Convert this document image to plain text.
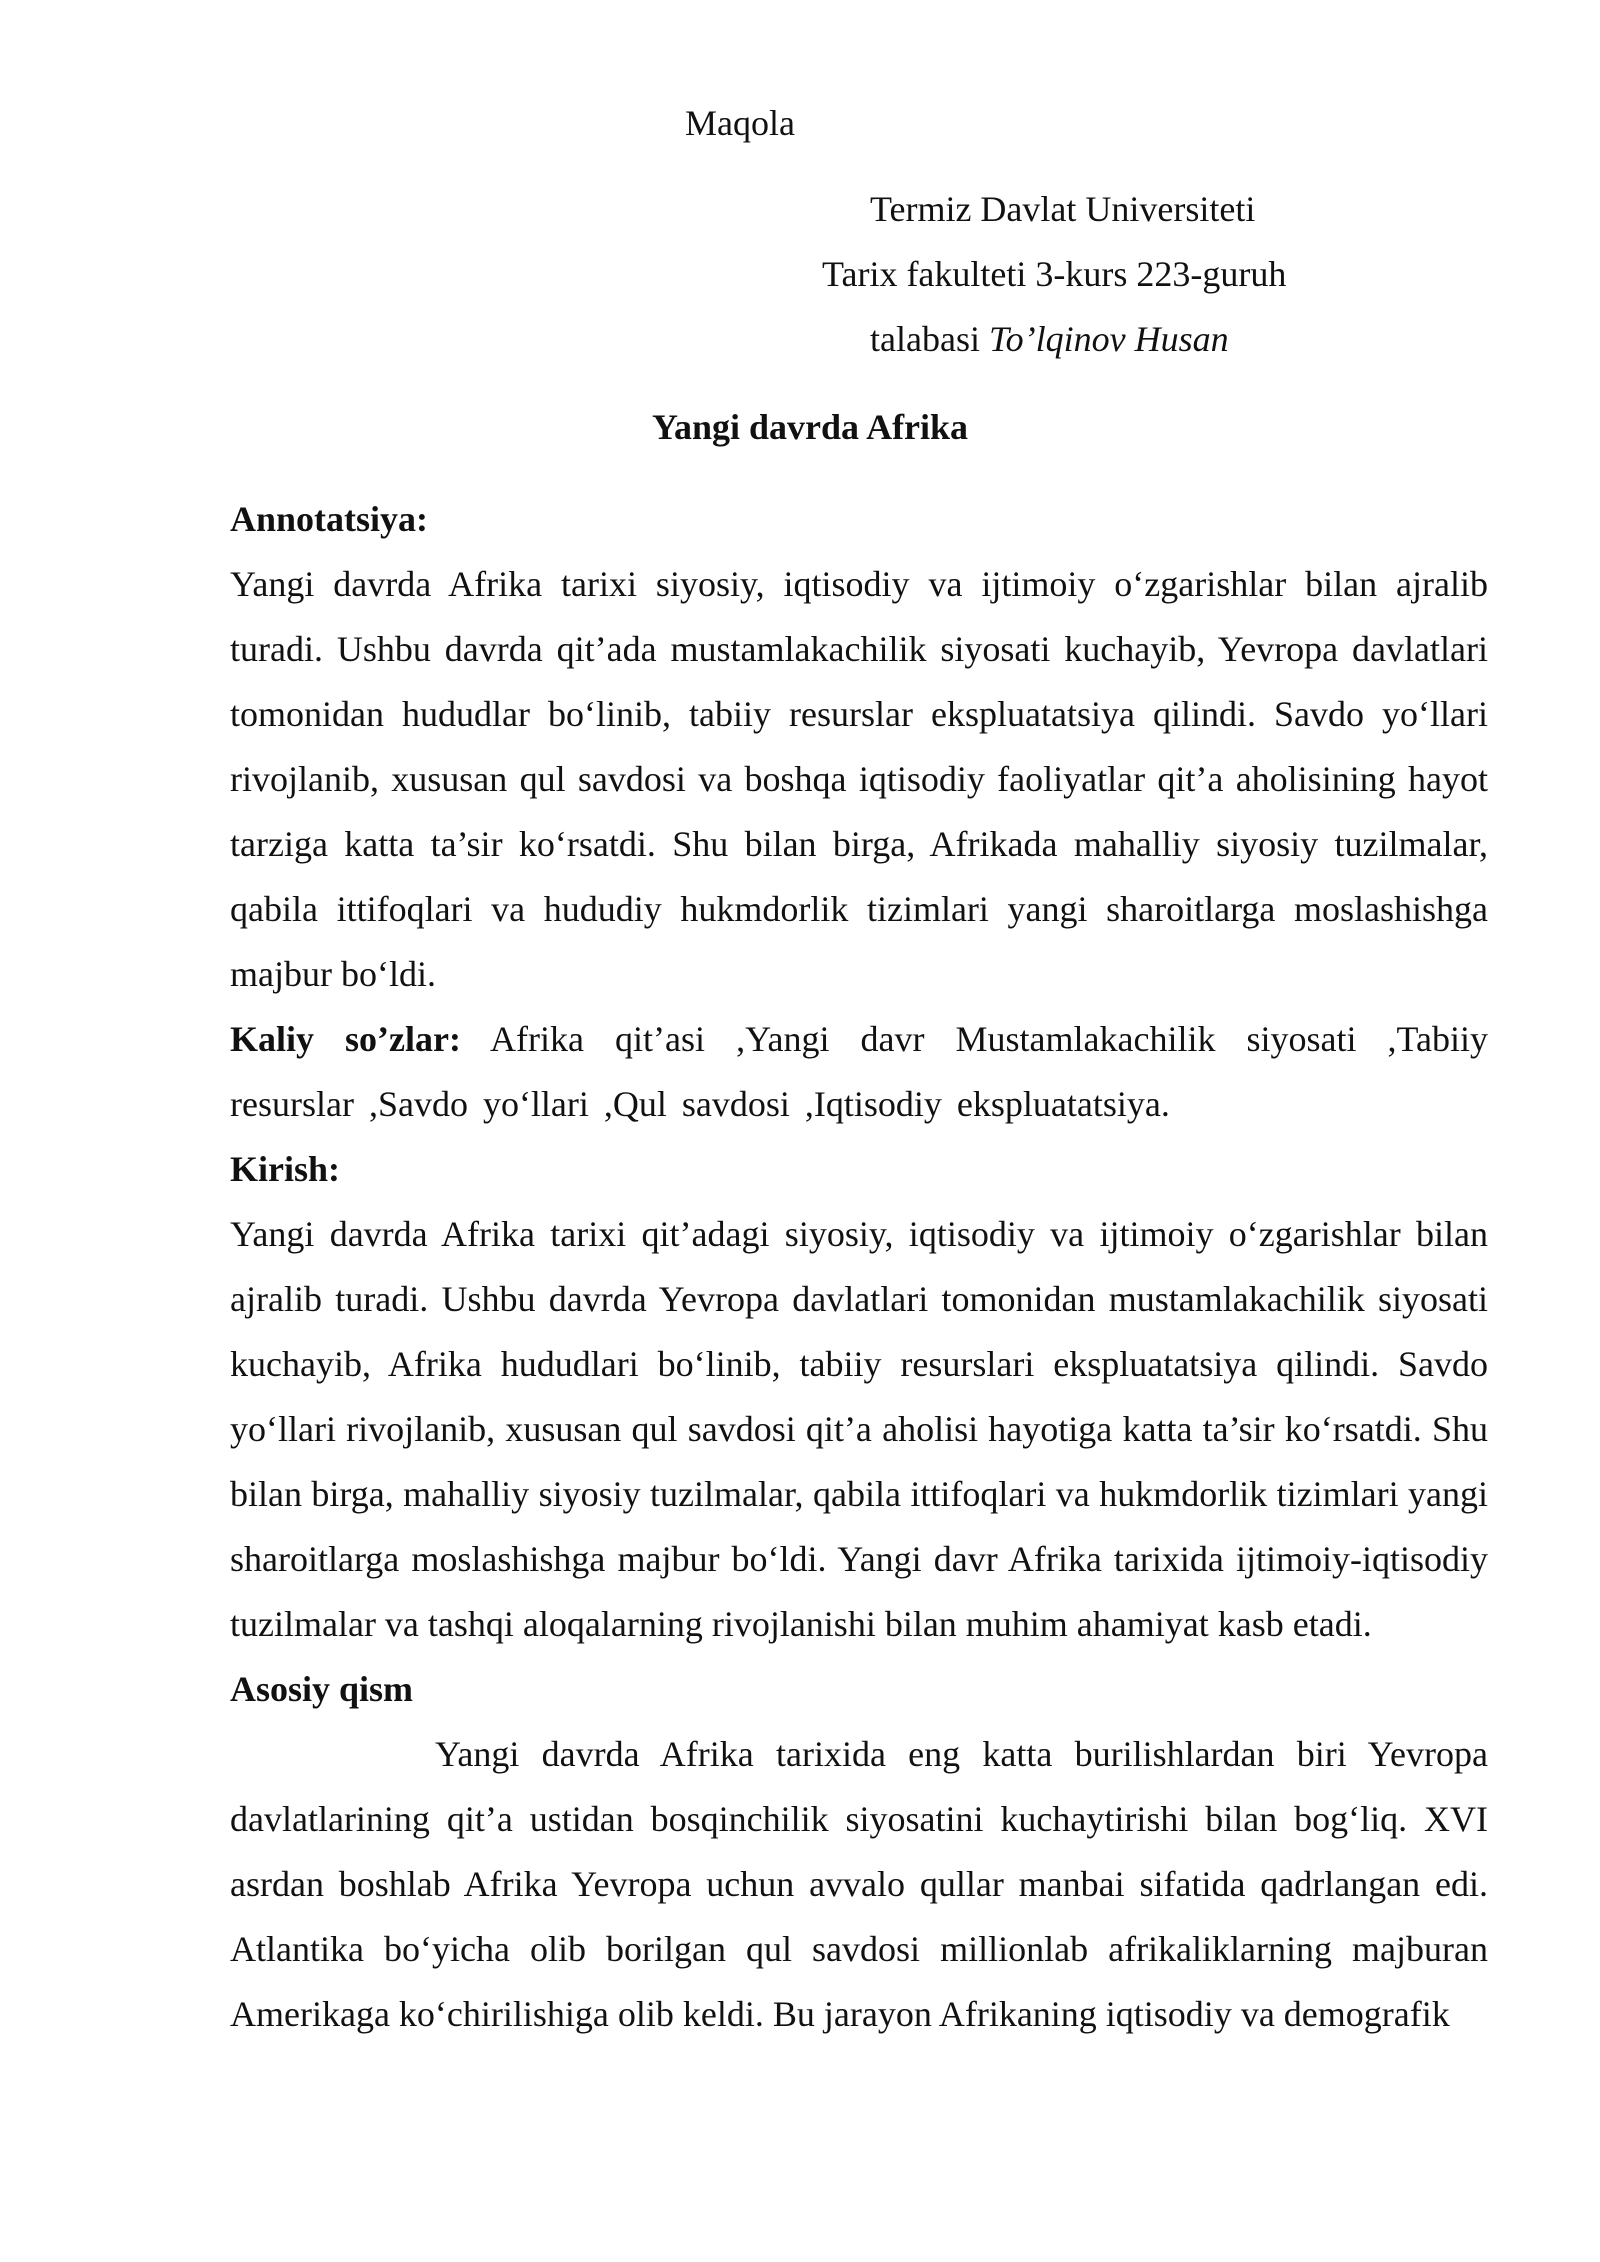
Maqola
Termiz Davlat Universiteti
Tarix fakulteti 3-kurs 223-guruh
talabasi To’lqinov Husan
Yangi davrda Afrika

Annotatsiya:

Yangi davrda Afrika tarixi siyosiy, iqtisodiy va ijtimoiy o‘zgarishlar bilan ajralib turadi. Ushbu davrda qit’ada mustamlakachilik siyosati kuchayib, Yevropa davlatlari tomonidan hududlar bo‘linib, tabiiy resurslar ekspluatatsiya qilindi. Savdo yo‘llari rivojlanib, xususan qul savdosi va boshqa iqtisodiy faoliyatlar qit’a aholisining hayot tarziga katta ta’sir ko‘rsatdi. Shu bilan birga, Afrikada mahalliy siyosiy tuzilmalar, qabila ittifoqlari va hududiy hukmdorlik tizimlari yangi sharoitlarga moslashishga majbur bo‘ldi.

Kaliy so’zlar: Afrika qit’asi ,Yangi davr Mustamlakachilik siyosati ,Tabiiy resurslar ,Savdo yo‘llari ,Qul savdosi ,Iqtisodiy ekspluatatsiya.

Kirish:

Yangi davrda Afrika tarixi qit’adagi siyosiy, iqtisodiy va ijtimoiy o‘zgarishlar bilan ajralib turadi. Ushbu davrda Yevropa davlatlari tomonidan mustamlakachilik siyosati kuchayib, Afrika hududlari bo‘linib, tabiiy resurslari ekspluatatsiya qilindi. Savdo yo‘llari rivojlanib, xususan qul savdosi qit’a aholisi hayotiga katta ta’sir ko‘rsatdi. Shu bilan birga, mahalliy siyosiy tuzilmalar, qabila ittifoqlari va hukmdorlik tizimlari yangi sharoitlarga moslashishga majbur bo‘ldi. Yangi davr Afrika tarixida ijtimoiy-iqtisodiy tuzilmalar va tashqi aloqalarning rivojlanishi bilan muhim ahamiyat kasb etadi.

Asosiy qism

Yangi davrda Afrika tarixida eng katta burilishlardan biri Yevropa davlatlarining qit’a ustidan bosqinchilik siyosatini kuchaytirishi bilan bog‘liq. XVI asrdan boshlab Afrika Yevropa uchun avvalo qullar manbai sifatida qadrlangan edi. Atlantika bo‘yicha olib borilgan qul savdosi millionlab afrikaliklarning majburan Amerikaga ko‘chirilishiga olib keldi. Bu jarayon Afrikaning iqtisodiy va demografik
